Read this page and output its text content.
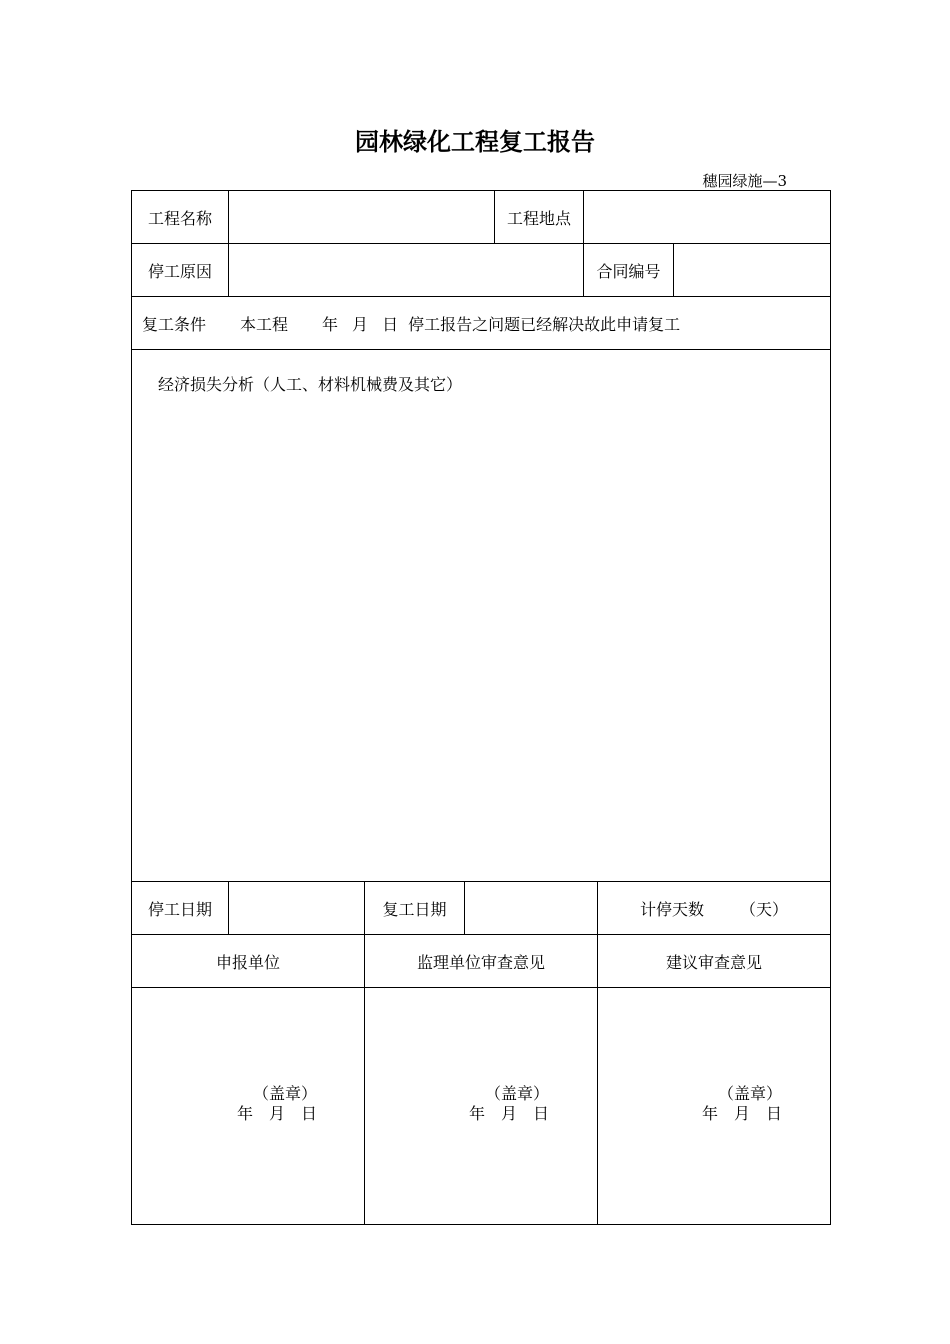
园林绿化工程复工报告
穗园绿施—3
工程名称	工程地点
停工原因	合同编号
复工条件 本工程 年 月 日 停工报告之问题已经解决故此申请复工
经济损失分析（人工、材料机械费及其它）
停工日期	复工日期	计停天数 （天）
申报单位	监理单位审查意见	建议审查意见
（盖章）
年 月 日
（盖章）
年 月 日
（盖章）
年 月 日
